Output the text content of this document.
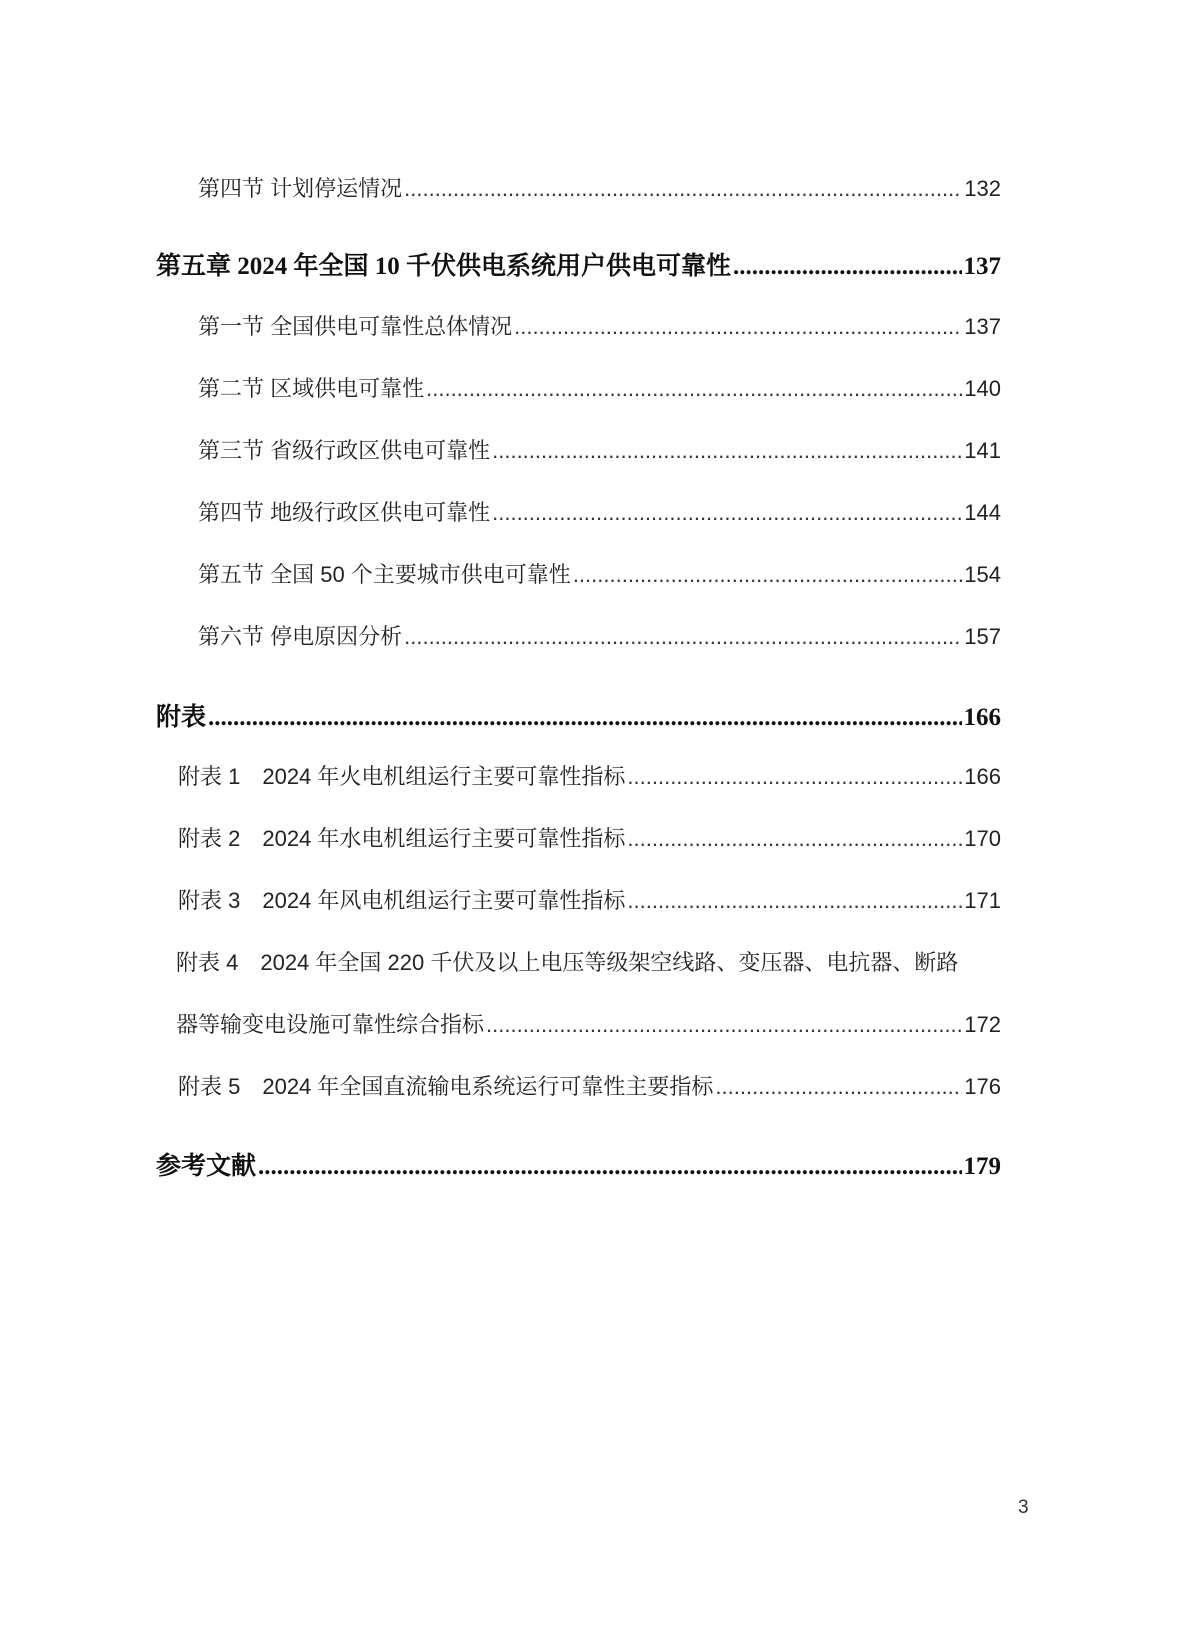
第四节 计划停运情况 .....	132
第五章 2024 年全国 10 千伏供电系统用户供电可靠性 .....	137
第一节 全国供电可靠性总体情况 .....	137
第二节 区域供电可靠性 .....	140
第三节 省级行政区供电可靠性 .....	141
第四节 地级行政区供电可靠性 .....	144
第五节 全国 50 个主要城市供电可靠性 .....	154
第六节 停电原因分析 .....	157
附表 .....	166
附表 1　2024 年火电机组运行主要可靠性指标 .....	166
附表 2　2024 年水电机组运行主要可靠性指标 .....	170
附表 3　2024 年风电机组运行主要可靠性指标 .....	171
附表 4　2024 年全国 220 千伏及以上电压等级架空线路、变压器、电抗器、断路
器等输变电设施可靠性综合指标 .....	172
附表 5　2024 年全国直流输电系统运行可靠性主要指标 .....	176
参考文献 .....	179
3
